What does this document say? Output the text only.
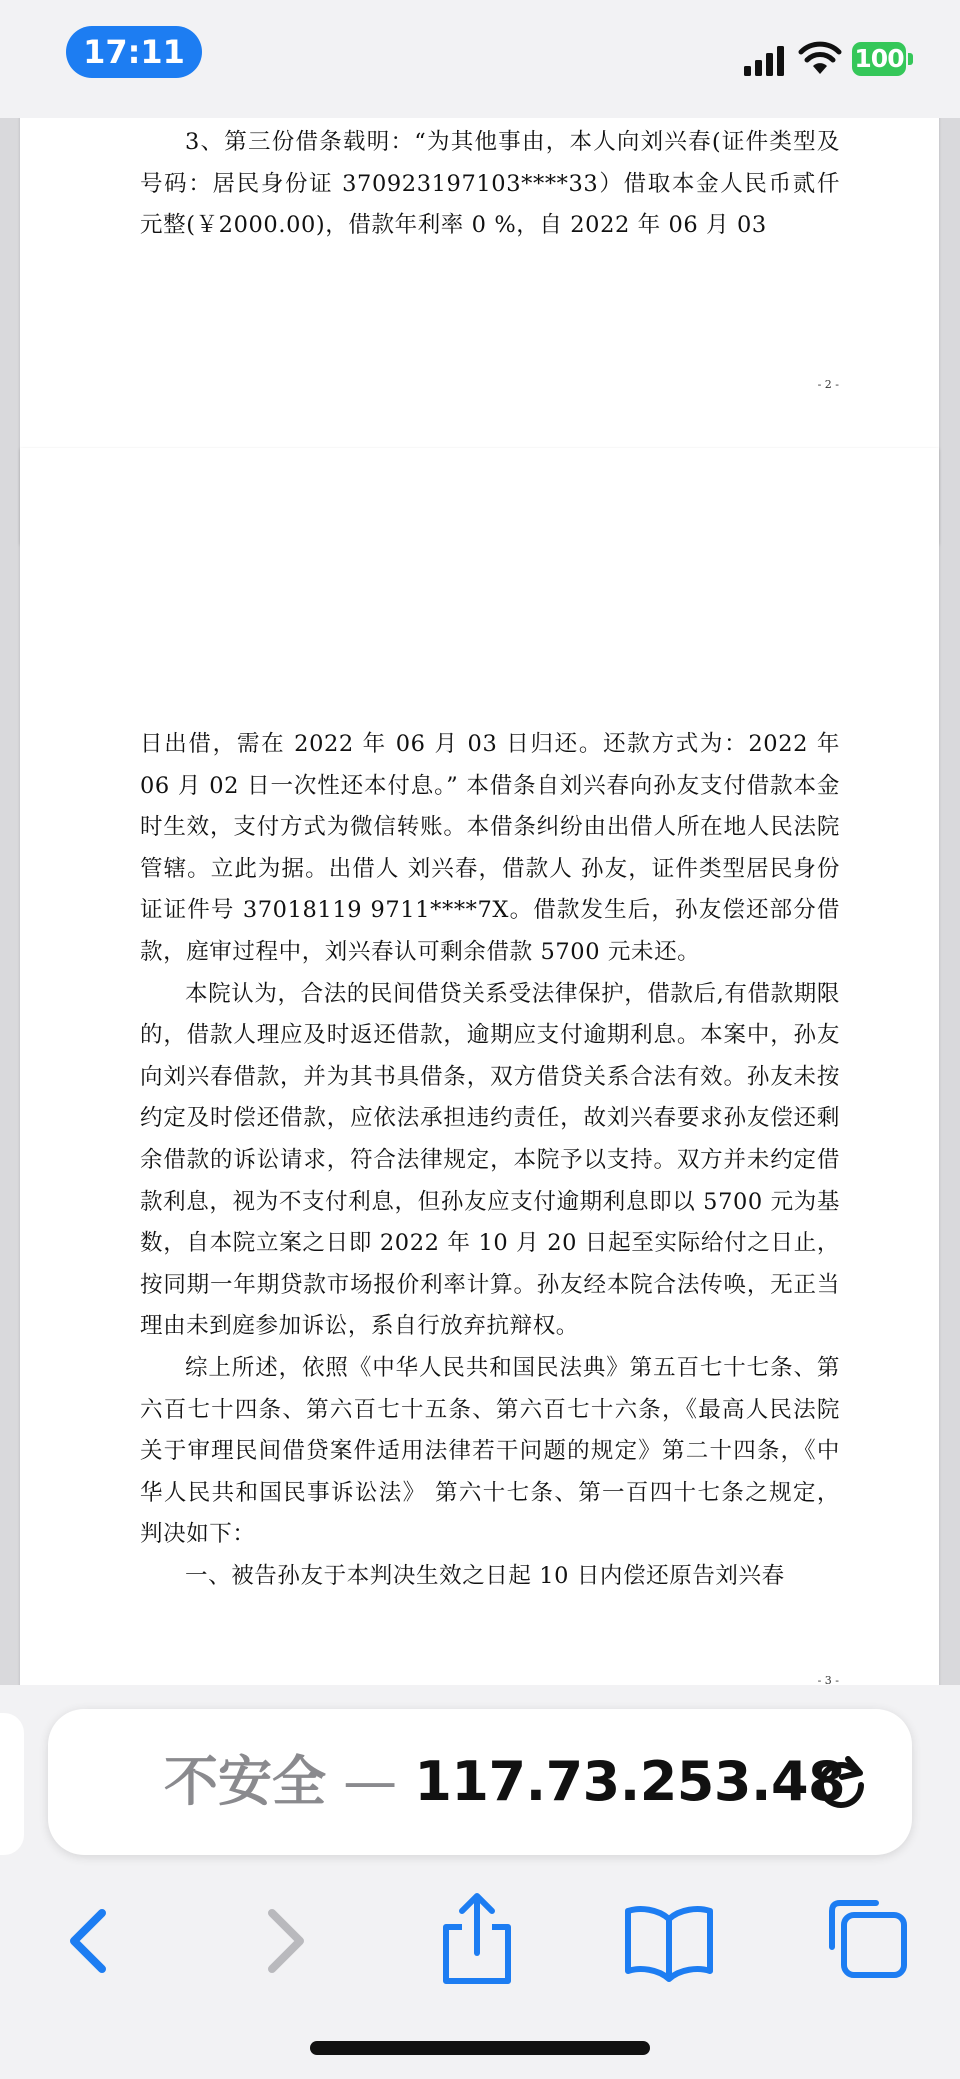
17:11	100

3、第三份借条载明：“为其他事由，本人向刘兴春(证件类型及号码：居民身份证 370923197103****33）借取本金人民币贰仟元整(￥2000.00)，借款年利率 0 %，自 2022 年 06 月 03

- 2 -

日出借，需在 2022 年 06 月 03 日归还。还款方式为：2022 年 06 月 02 日一次性还本付息。” 本借条自刘兴春向孙友支付借款本金时生效，支付方式为微信转账。本借条纠纷由出借人所在地人民法院管辖。立此为据。出借人 刘兴春，借款人 孙友，证件类型居民身份证证件号 37018119 9711****7X。借款发生后，孙友偿还部分借款，庭审过程中，刘兴春认可剩余借款 5700 元未还。

本院认为，合法的民间借贷关系受法律保护，借款后,有借款期限的，借款人理应及时返还借款，逾期应支付逾期利息。本案中，孙友向刘兴春借款，并为其书具借条，双方借贷关系合法有效。孙友未按约定及时偿还借款，应依法承担违约责任，故刘兴春要求孙友偿还剩余借款的诉讼请求，符合法律规定，本院予以支持。双方并未约定借款利息，视为不支付利息，但孙友应支付逾期利息即以 5700 元为基数，自本院立案之日即 2022 年 10 月 20 日起至实际给付之日止，按同期一年期贷款市场报价利率计算。孙友经本院合法传唤，无正当理由未到庭参加诉讼，系自行放弃抗辩权。

综上所述，依照《中华人民共和国民法典》第五百七十七条、第六百七十四条、第六百七十五条、第六百七十六条，《最高人民法院关于审理民间借贷案件适用法律若干问题的规定》第二十四条，《中华人民共和国民事诉讼法》 第六十七条、第一百四十七条之规定，判决如下：

一、被告孙友于本判决生效之日起 10 日内偿还原告刘兴春

- 3 -
不安全 — 117.73.253.48
